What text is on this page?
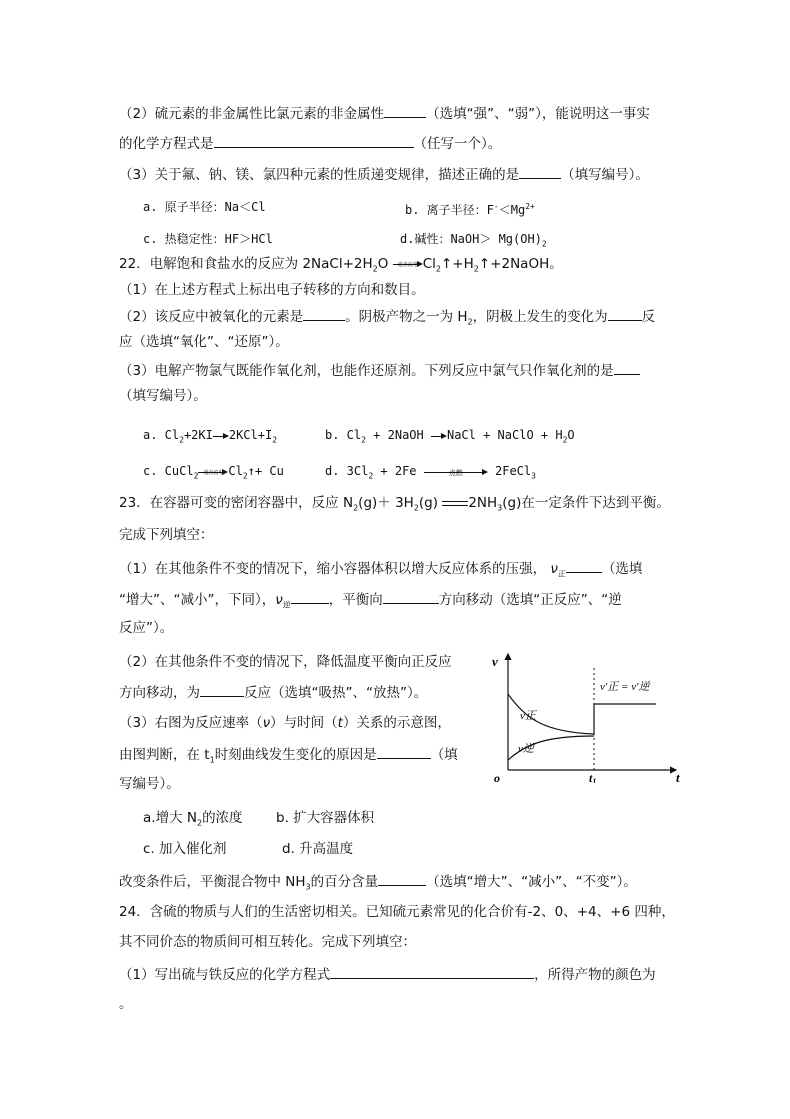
（2）硫元素的非金属性比氯元素的非金属性	（选填“强”、“弱”），能说明这一事实
的化学方程式是	（任写一个）。
（3）关于氟、钠、镁、氯四种元素的性质递变规律，描述正确的是	（填写编号）。
a. 原子半径：Na＜Cl	b. 离子半径：$F^-<Mg^{2+}$
c. 热稳定性：HF＞HCl	d.碱性：NaOH＞ $Mg(OH)_2$
22．电解饱和食盐水的反应为 $2NaCl+2H_2O$	通直流电 $Cl_2↑+H_2↑+2NaOH$。
（1）在上述方程式上标出电子转移的方向和数目。
（2）该反应中被氧化的元素是	。阴极产物之一为 $H_2$，阴极上发生的变化为	反
应（选填“氧化”、“还原”）。
（3）电解产物氯气既能作氧化剂，也能作还原剂。下列反应中氯气只作氧化剂的是
（填写编号）。
a. $Cl_2+2KI$ $2KCl+I_2$	b. $Cl_2$ + 2NaOH
NaCl + NaClO + $H_2O$
c. CuCl$_2$ 通直流电 $Cl_2↑+ Cu$	d. $3Cl_2 + 2Fe$	点燃	2FeCl$_3$
23．在容器可变的密闭容器中，反应 $N_2(g)+ 3H_2(g)$ $2NH_3(g)$在一定条件下达到平衡。
完成下列填空：
（1）在其他条件不变的情况下，缩小容器体积以增大反应体系的压强， $\nu_正$	（选填
“增大”、“减小”，下同），$\nu_逆$	，平衡向	方向移动（选填“正反应”、“逆
反应”）。
（2）在其他条件不变的情况下，降低温度平衡向正反应
方向移动，为	反应（选填“吸热”、“放热”）。
（3）右图为反应速率（ν）与时间（t）关系的示意图，
由图判断，在 $t_1$时刻曲线发生变化的原因是	（填
写编号）。
a.增大 $N_2$的浓度 b. 扩大容器体积
c. 加入催化剂	d. 升高温度
改变条件后，平衡混合物中 $NH_3$的百分含量	（选填“增大”、“减小”、“不变”）。
24．含硫的物质与人们的生活密切相关。已知硫元素常见的化合价有-2、0、+4、+6 四种，
其不同价态的物质间可相互转化。完成下列填空：
（1）写出硫与铁反应的化学方程式	，所得产物的颜色为
。
v
t
o
v正
v逆
v′正 = v′逆
t1
